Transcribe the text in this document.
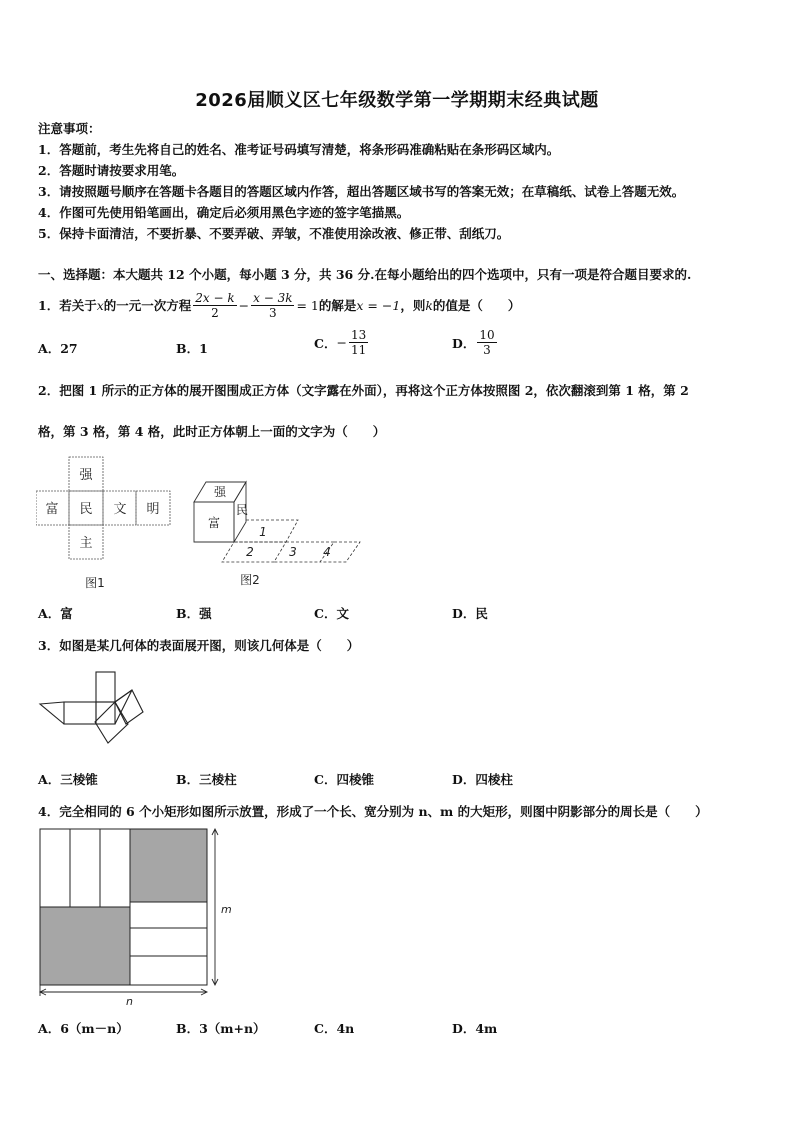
2026届顺义区七年级数学第一学期期末经典试题
注意事项：
1．答题前，考生先将自己的姓名、准考证号码填写清楚，将条形码准确粘贴在条形码区域内。
2．答题时请按要求用笔。
3．请按照题号顺序在答题卡各题目的答题区域内作答，超出答题区域书写的答案无效；在草稿纸、试卷上答题无效。
4．作图可先使用铅笔画出，确定后必须用黑色字迹的签字笔描黑。
5．保持卡面清洁，不要折暴、不要弄破、弄皱，不准使用涂改液、修正带、刮纸刀。
一、选择题：本大题共 12 个小题，每小题 3 分，共 36 分.在每小题给出的四个选项中，只有一项是符合题目要求的.
1．若关于 x 的一元一次方程 $\frac{2x - k}{2} - \frac{x - 3k}{3} = 1$ 的解是 x = −1 ，则 k 的值是（　　）
A．27	B．1	C． − $\frac{13}{11}$	D． $\frac{10}{3}$
2．把图 1 所示的正方体的展开图围成正方体（文字露在外面），再将这个正方体按照图 2，依次翻滚到第 1 格，第 2
格，第 3 格，第 4 格，此时正方体朝上一面的文字为（　　）
强
富 民 文 明
主
图1
强
富
民
1
2	3 4
图2
A．富	B．强	C．文	D．民
3．如图是某几何体的表面展开图，则该几何体是（　　）
A．三棱锥	B．三棱柱	C．四棱锥	D．四棱柱
4．完全相同的 6 个小矩形如图所示放置，形成了一个长、宽分别为 n、m 的大矩形，则图中阴影部分的周长是（　　）
m
n
A．6（m－n）	B．3（m+n）	C．4n	D．4m
